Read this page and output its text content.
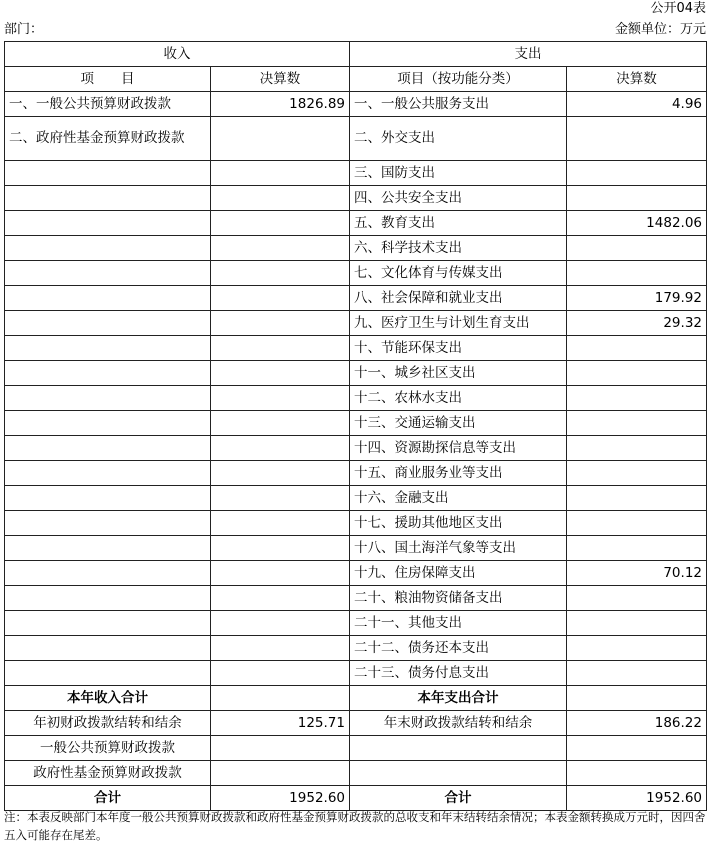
公开04表
部门：	金额单位：万元
收入		支出	
项　　目	决算数	项目（按功能分类）	决算数
一、一般公共预算财政拨款	1826.89	一、一般公共服务支出	4.96
二、政府性基金预算财政拨款		二、外交支出	
		三、国防支出	
		四、公共安全支出	
		五、教育支出	1482.06
		六、科学技术支出	
		七、文化体育与传媒支出	
		八、社会保障和就业支出	179.92
		九、医疗卫生与计划生育支出	29.32
		十、节能环保支出	
		十一、城乡社区支出	
		十二、农林水支出	
		十三、交通运输支出	
		十四、资源勘探信息等支出	
		十五、商业服务业等支出	
		十六、金融支出	
		十七、援助其他地区支出	
		十八、国土海洋气象等支出	
		十九、住房保障支出	70.12
		二十、粮油物资储备支出	
		二十一、其他支出	
		二十二、债务还本支出	
		二十三、债务付息支出	
本年收入合计		本年支出合计	
年初财政拨款结转和结余	125.71	年末财政拨款结转和结余	186.22
一般公共预算财政拨款			
政府性基金预算财政拨款			
合计	1952.60	合计	1952.60
注：本表反映部门本年度一般公共预算财政拨款和政府性基金预算财政拨款的总收支和年末结转结余情况；本表金额转换成万元时，因四舍五入可能存在尾差。
